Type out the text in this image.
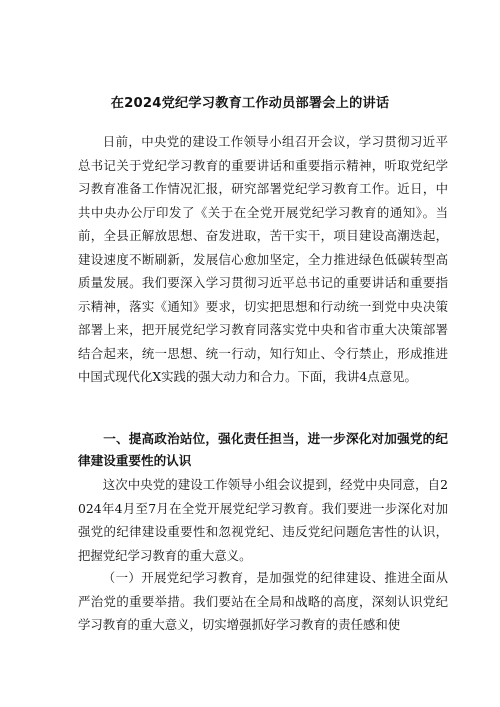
在2024党纪学习教育工作动员部署会上的讲话

日前，中央党的建设工作领导小组召开会议，学习贯彻习近平总书记关于党纪学习教育的重要讲话和重要指示精神，听取党纪学习教育准备工作情况汇报，研究部署党纪学习教育工作。近日，中共中央办公厅印发了《关于在全党开展党纪学习教育的通知》。当前，全县正解放思想、奋发进取，苦干实干，项目建设高潮迭起，建设速度不断刷新，发展信心愈加坚定，全力推进绿色低碳转型高质量发展。我们要深入学习贯彻习近平总书记的重要讲话和重要指示精神，落实《通知》要求，切实把思想和行动统一到党中央决策部署上来，把开展党纪学习教育同落实党中央和省市重大决策部署结合起来，统一思想、统一行动，知行知止、令行禁止，形成推进中国式现代化X实践的强大动力和合力。下面，我讲4点意见。

一、提高政治站位，强化责任担当，进一步深化对加强党的纪律建设重要性的认识

这次中央党的建设工作领导小组会议提到，经党中央同意，自2024年4月至7月在全党开展党纪学习教育。我们要进一步深化对加强党的纪律建设重要性和忽视党纪、违反党纪问题危害性的认识，把握党纪学习教育的重大意义。

（一）开展党纪学习教育，是加强党的纪律建设、推进全面从严治党的重要举措。我们要站在全局和战略的高度，深刻认识党纪学习教育的重大意义，切实增强抓好学习教育的责任感和使
